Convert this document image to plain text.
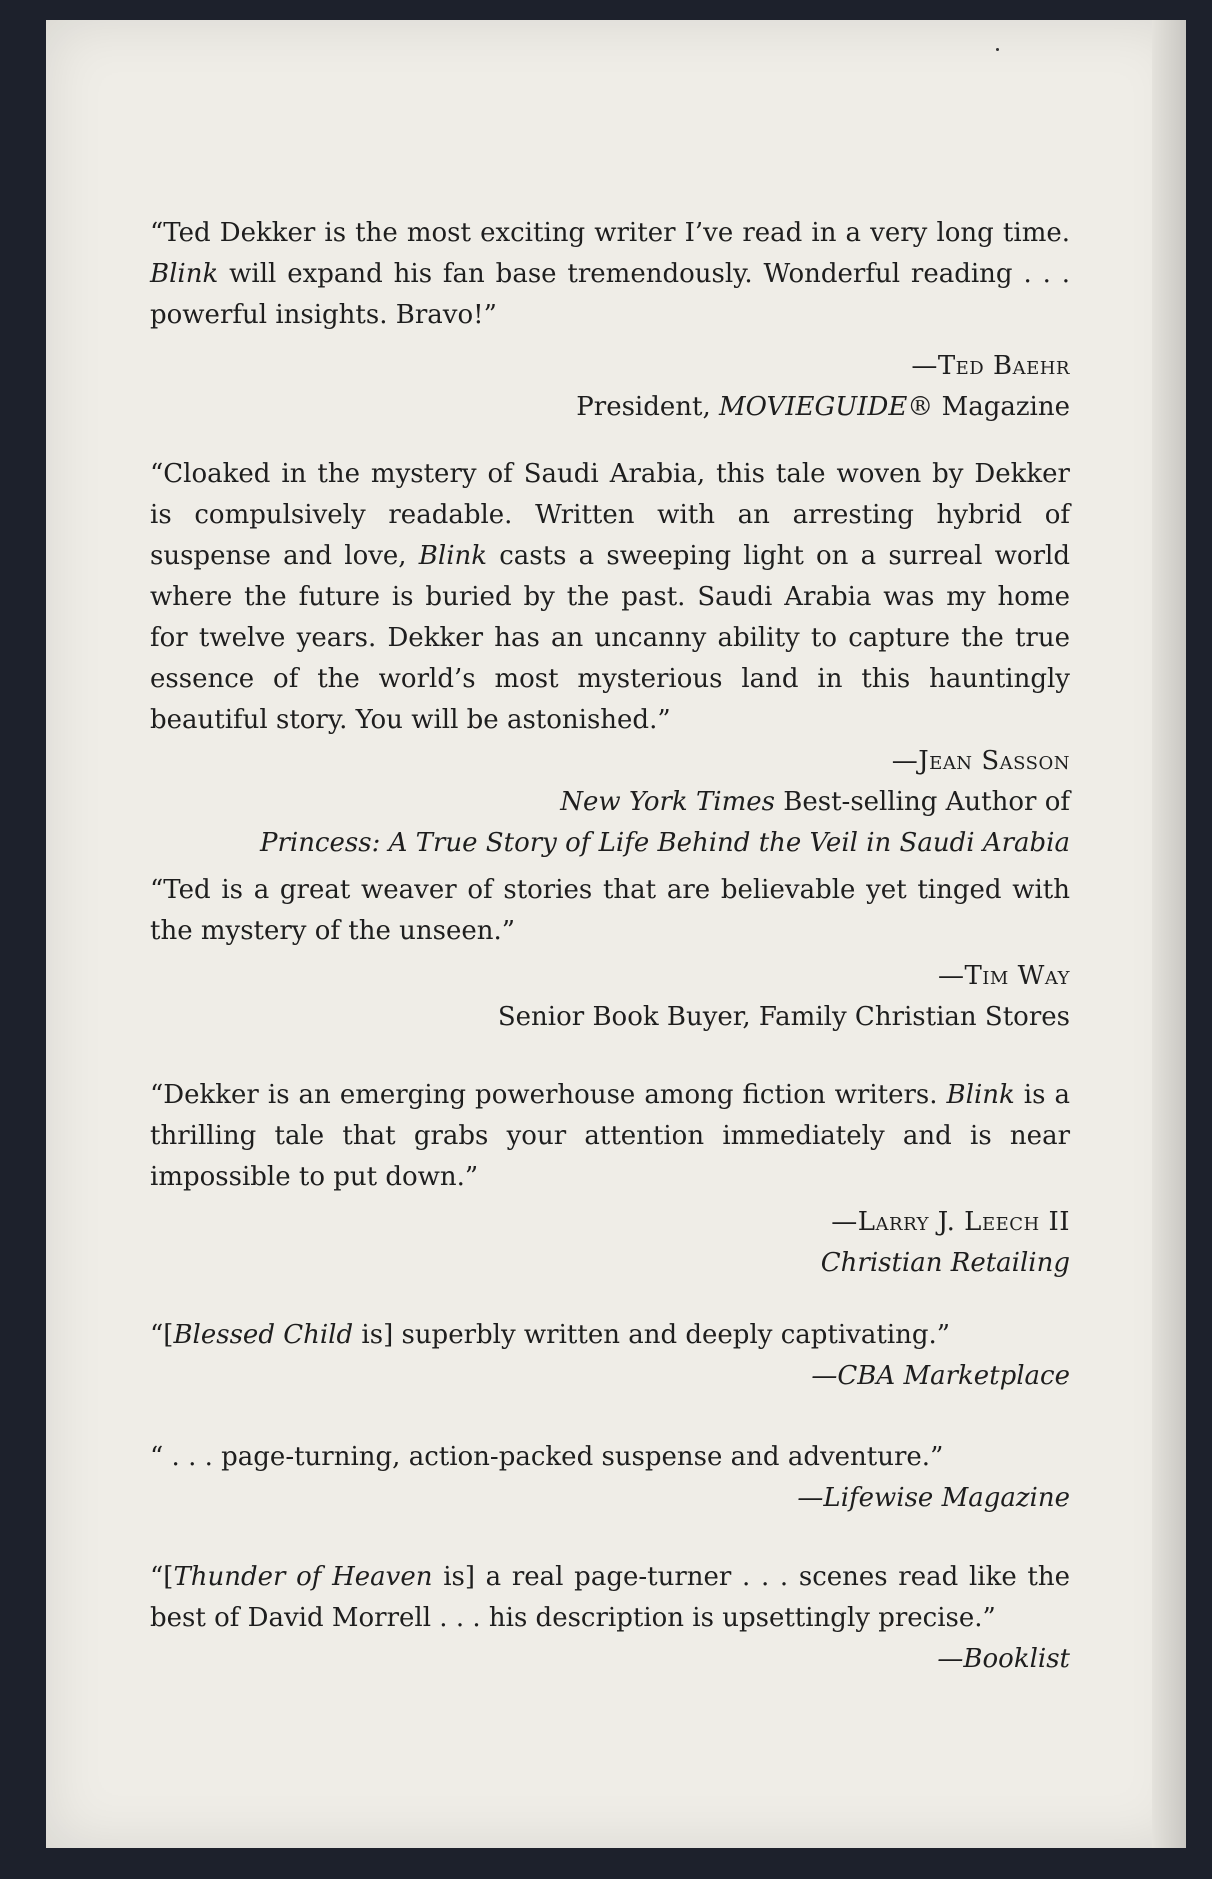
“Ted Dekker is the most exciting writer I’ve read in a very long time. Blink will expand his fan base tremendously. Wonderful reading . . . powerful insights. Bravo!”

—Ted Baehr

President, MOVIEGUIDE® Magazine

“Cloaked in the mystery of Saudi Arabia, this tale woven by Dekker is compulsively readable. Written with an arresting hybrid of suspense and love, Blink casts a sweeping light on a surreal world where the future is buried by the past. Saudi Arabia was my home for twelve years. Dekker has an uncanny ability to capture the true essence of the world’s most mysterious land in this hauntingly beautiful story. You will be astonished.”

—Jean Sasson

New York Times Best-selling Author of

Princess: A True Story of Life Behind the Veil in Saudi Arabia

“Ted is a great weaver of stories that are believable yet tinged with the mystery of the unseen.”

—Tim Way

Senior Book Buyer, Family Christian Stores

“Dekker is an emerging powerhouse among fiction writers. Blink is a thrilling tale that grabs your attention immediately and is near impossible to put down.”

—Larry J. Leech II

Christian Retailing

“[Blessed Child is] superbly written and deeply captivating.”

—CBA Marketplace

“ . . . page-turning, action-packed suspense and adventure.”

—Lifewise Magazine

“[Thunder of Heaven is] a real page-turner . . . scenes read like the best of David Morrell . . . his description is upsettingly precise.”

—Booklist
